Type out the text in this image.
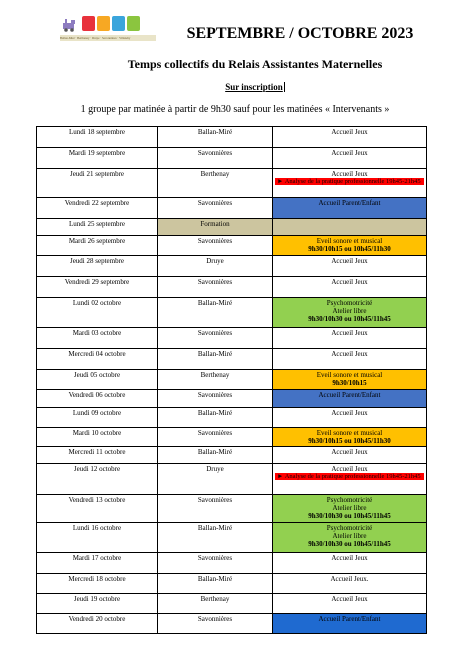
Ballan-Miré · Berthenay · Druye · Savonnières · Villandry	SEPTEMBRE / OCTOBRE 2023
Temps collectifs du Relais Assistantes Maternelles
Sur inscription
1 groupe par matinée à partir de 9h30 sauf pour les matinées « Intervenants »
Lundi 18 septembre	Ballan-Miré	Accueil Jeux

Mardi 19 septembre	Savonnières	Accueil Jeux

Jeudi 21 septembre	Berthenay	Accueil Jeux
► Analyse de la pratique professionnelle 19h45-21h45

Vendredi 22 septembre	Savonnières	Accueil Parent/Enfant

Lundi 25 septembre	Formation	

Mardi 26 septembre	Savonnières	Eveil sonore et musical
9h30/10h15 ou 10h45/11h30

Jeudi 28 septembre	Druye	Accueil Jeux

Vendredi 29 septembre	Savonnières	Accueil Jeux

Lundi 02 octobre	Ballan-Miré	Psychomotricité
Atelier libre
9h30/10h30 ou 10h45/11h45

Mardi 03 octobre	Savonnières	Accueil Jeux

Mercredi 04 octobre	Ballan-Miré	Accueil Jeux

Jeudi 05 octobre	Berthenay	Eveil sonore et musical
9h30/10h15

Vendredi 06 octobre	Savonnières	Accueil Parent/Enfant

Lundi 09 octobre	Ballan-Miré	Accueil Jeux

Mardi 10 octobre	Savonnières	Eveil sonore et musical
9h30/10h15 ou 10h45/11h30

Mercredi 11 octobre	Ballan-Miré	Accueil Jeux

Jeudi 12 octobre	Druye	Accueil Jeux
► Analyse de la pratique professionnelle 19h45-21h45

Vendredi 13 octobre	Savonnières	Psychomotricité
Atelier libre
9h30/10h30 ou 10h45/11h45

Lundi 16 octobre	Ballan-Miré	Psychomotricité
Atelier libre
9h30/10h30 ou 10h45/11h45

Mardi 17 octobre	Savonnières	Accueil Jeux

Mercredi 18 octobre	Ballan-Miré	Accueil Jeux.

Jeudi 19 octobre	Berthenay	Accueil Jeux

Vendredi 20 octobre	Savonnières	Accueil Parent/Enfant
